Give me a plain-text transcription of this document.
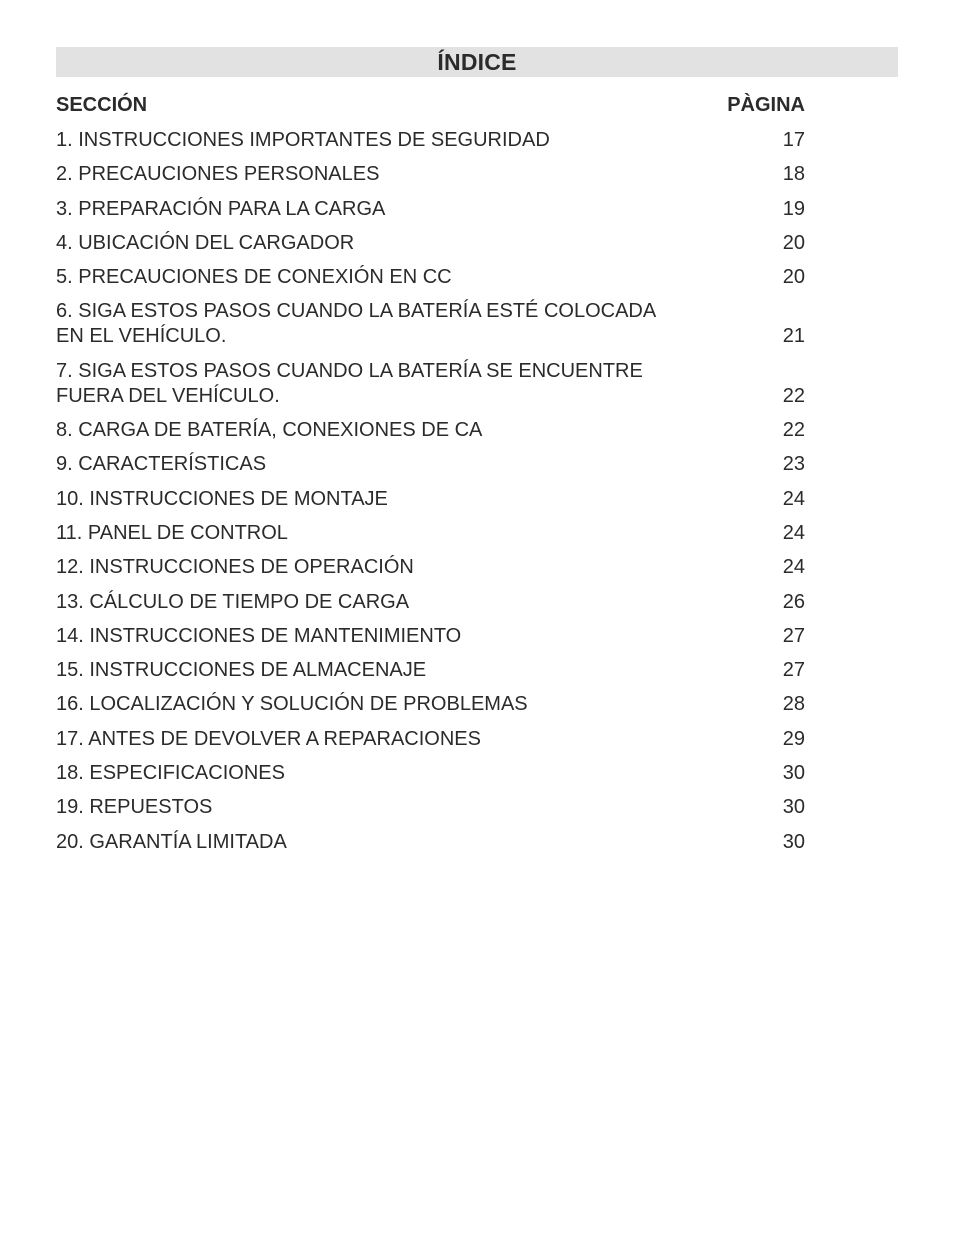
ÍNDICE
SECCIÓN	PÀGINA
1. INSTRUCCIONES IMPORTANTES DE SEGURIDAD	17
2. PRECAUCIONES PERSONALES	18
3. PREPARACIÓN PARA LA CARGA	19
4. UBICACIÓN DEL CARGADOR	20
5. PRECAUCIONES DE CONEXIÓN EN CC	20
6. SIGA ESTOS PASOS CUANDO LA BATERÍA ESTÉ COLOCADA
EN EL VEHÍCULO.	21
7. SIGA ESTOS PASOS CUANDO LA BATERÍA SE ENCUENTRE
FUERA DEL VEHÍCULO.	22
8. CARGA DE BATERÍA, CONEXIONES DE CA	22
9. CARACTERÍSTICAS	23
10. INSTRUCCIONES DE MONTAJE	24
11. PANEL DE CONTROL	24
12. INSTRUCCIONES DE OPERACIÓN	24
13. CÁLCULO DE TIEMPO DE CARGA	26
14. INSTRUCCIONES DE MANTENIMIENTO	27
15. INSTRUCCIONES DE ALMACENAJE	27
16. LOCALIZACIÓN Y SOLUCIÓN DE PROBLEMAS	28
17. ANTES DE DEVOLVER A REPARACIONES	29
18. ESPECIFICACIONES	30
19. REPUESTOS	30
20. GARANTÍA LIMITADA	30
